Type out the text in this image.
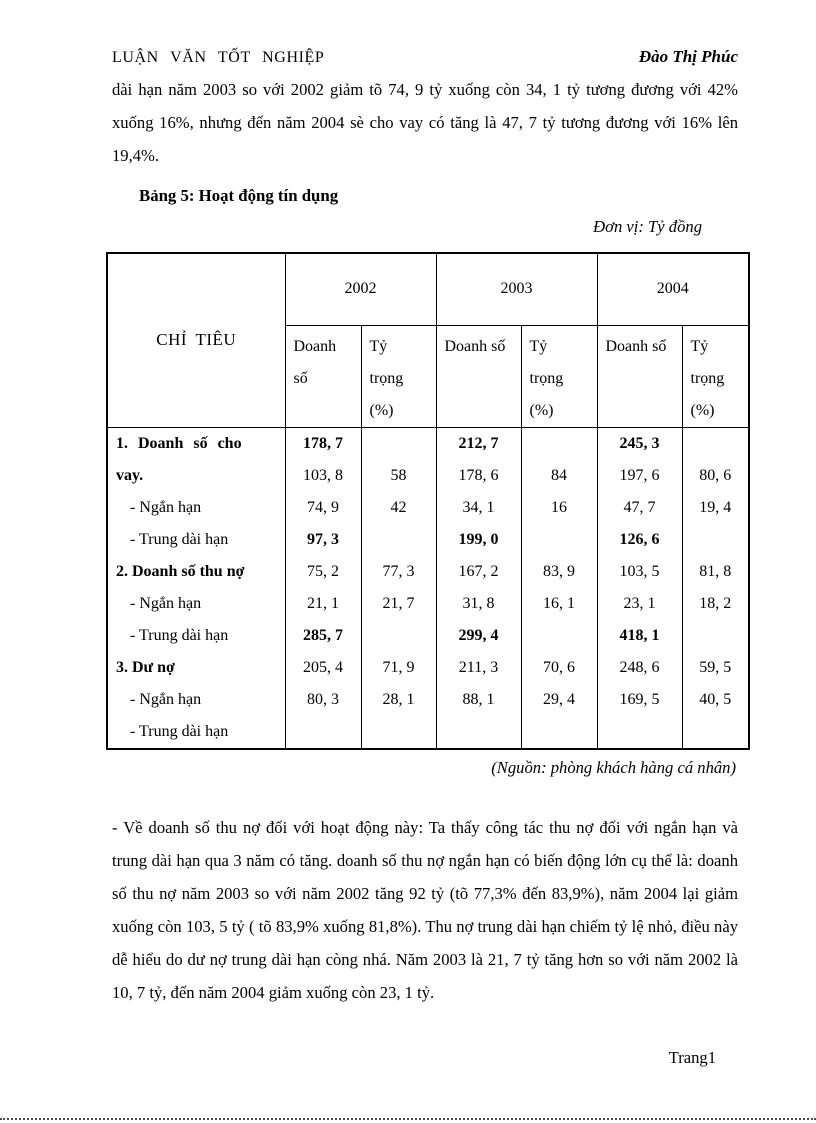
LUẬN VĂN TỐT NGHIỆP	Đào Thị Phúc

dài hạn năm 2003 so với 2002 giảm tõ 74, 9 tỷ xuống còn 34, 1 tỷ tương đương với 42% xuống 16%, nhưng đến năm 2004 sè cho vay có tăng là 47, 7 tỷ tương đương với 16% lên 19,4%.

Bảng 5: Hoạt động tín dụng
Đơn vị: Tỷ đồng
CHỈ TIÊU	2002		2003		2004	
	Doanh số	Tỷ trọng (%)	Doanh số	Tỷ trọng (%)	Doanh số	Tỷ trọng (%)
1. Doanh số cho	178, 7		212, 7		245, 3	
vay.	103, 8	58	178, 6	84	197, 6	80, 6
- Ngắn hạn	74, 9	42	34, 1	16	47, 7	19, 4
- Trung dài hạn	97, 3		199, 0		126, 6	
2. Doanh số thu nợ	75, 2	77, 3	167, 2	83, 9	103, 5	81, 8
- Ngắn hạn	21, 1	21, 7	31, 8	16, 1	23, 1	18, 2
- Trung dài hạn	285, 7		299, 4		418, 1	
3. Dư nợ	205, 4	71, 9	211, 3	70, 6	248, 6	59, 5
- Ngắn hạn	80, 3	28, 1	88, 1	29, 4	169, 5	40, 5
- Trung dài hạn						
(Nguồn: phòng khách hàng cá nhân)

- Về doanh số thu nợ đối với hoạt động này: Ta thấy công tác thu nợ đối với ngắn hạn và trung dài hạn qua 3 năm có tăng. doanh số thu nợ ngắn hạn có biến động lớn cụ thể là: doanh số thu nợ năm 2003 so với năm 2002 tăng 92 tỷ (tõ 77,3% đến 83,9%), năm 2004 lại giảm xuống còn 103, 5 tỷ ( tõ 83,9% xuống 81,8%). Thu nợ trung dài hạn chiếm tỷ lệ nhỏ, điều này dễ hiểu do dư nợ trung dài hạn còng nhá. Năm 2003 là 21, 7 tỷ tăng hơn so với năm 2002 là 10, 7 tỷ, đến năm 2004 giảm xuống còn 23, 1 tỷ.

Trang1
